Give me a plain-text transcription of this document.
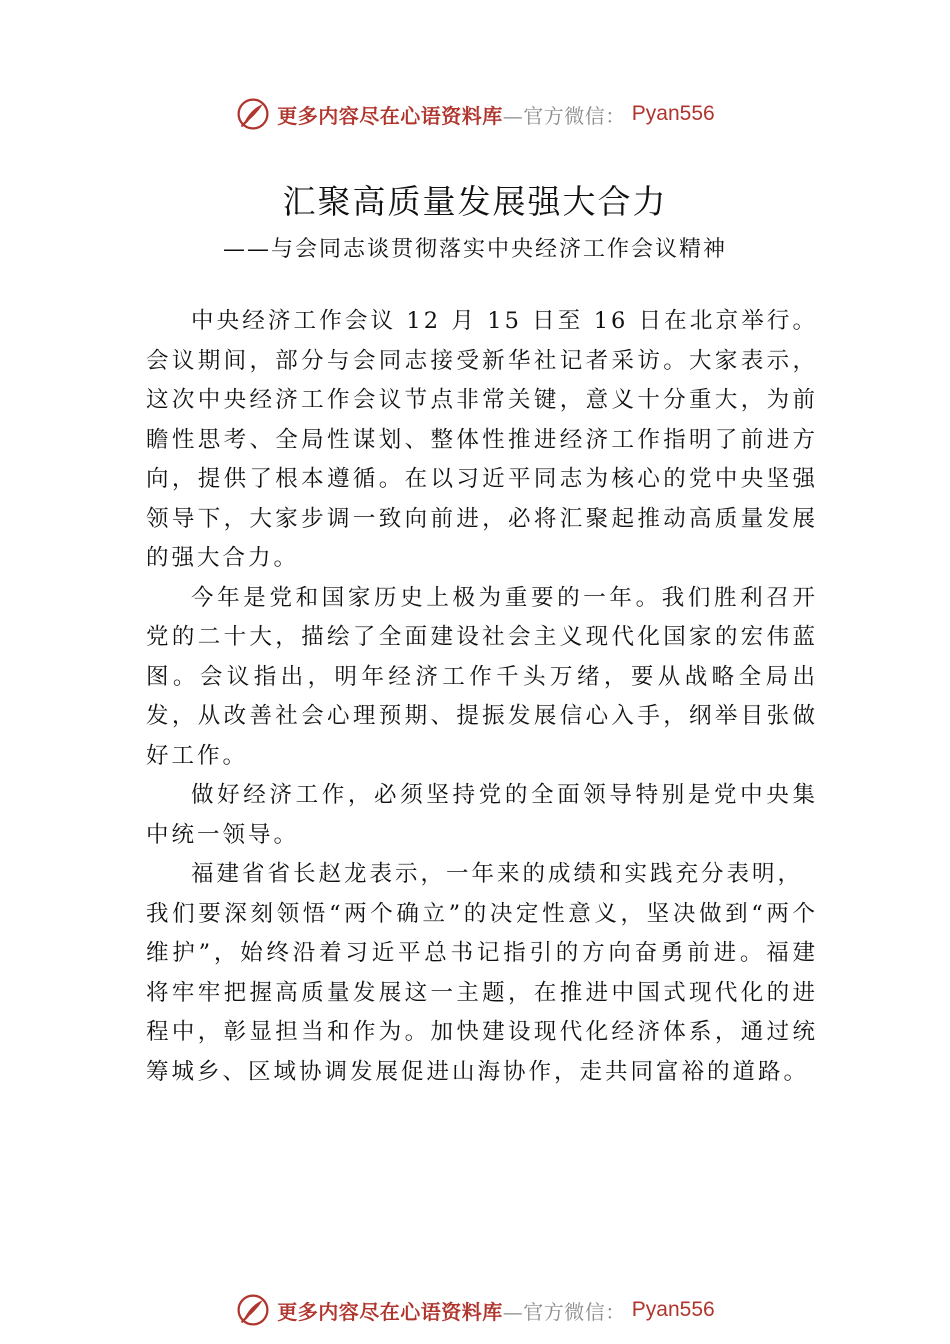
更多内容尽在心语资料库—官方微信： Pyan556
汇聚高质量发展强大合力

——与会同志谈贯彻落实中央经济工作会议精神

中央经济工作会议 12 月 15 日至 16 日在北京举行。会议期间，部分与会同志接受新华社记者采访。大家表示，这次中央经济工作会议节点非常关键，意义十分重大，为前瞻性思考、全局性谋划、整体性推进经济工作指明了前进方向，提供了根本遵循。在以习近平同志为核心的党中央坚强领导下，大家步调一致向前进，必将汇聚起推动高质量发展的强大合力。

今年是党和国家历史上极为重要的一年。我们胜利召开党的二十大，描绘了全面建设社会主义现代化国家的宏伟蓝图。会议指出，明年经济工作千头万绪，要从战略全局出发，从改善社会心理预期、提振发展信心入手，纲举目张做好工作。

做好经济工作，必须坚持党的全面领导特别是党中央集中统一领导。

福建省省长赵龙表示，一年来的成绩和实践充分表明，
我们要深刻领悟“两个确立”的决定性意义，坚决做到“两个维护”，始终沿着习近平总书记指引的方向奋勇前进。福建将牢牢把握高质量发展这一主题，在推进中国式现代化的进程中，彰显担当和作为。加快建设现代化经济体系，通过统筹城乡、区域协调发展促进山海协作，走共同富裕的道路。

更多内容尽在心语资料库—官方微信： Pyan556
